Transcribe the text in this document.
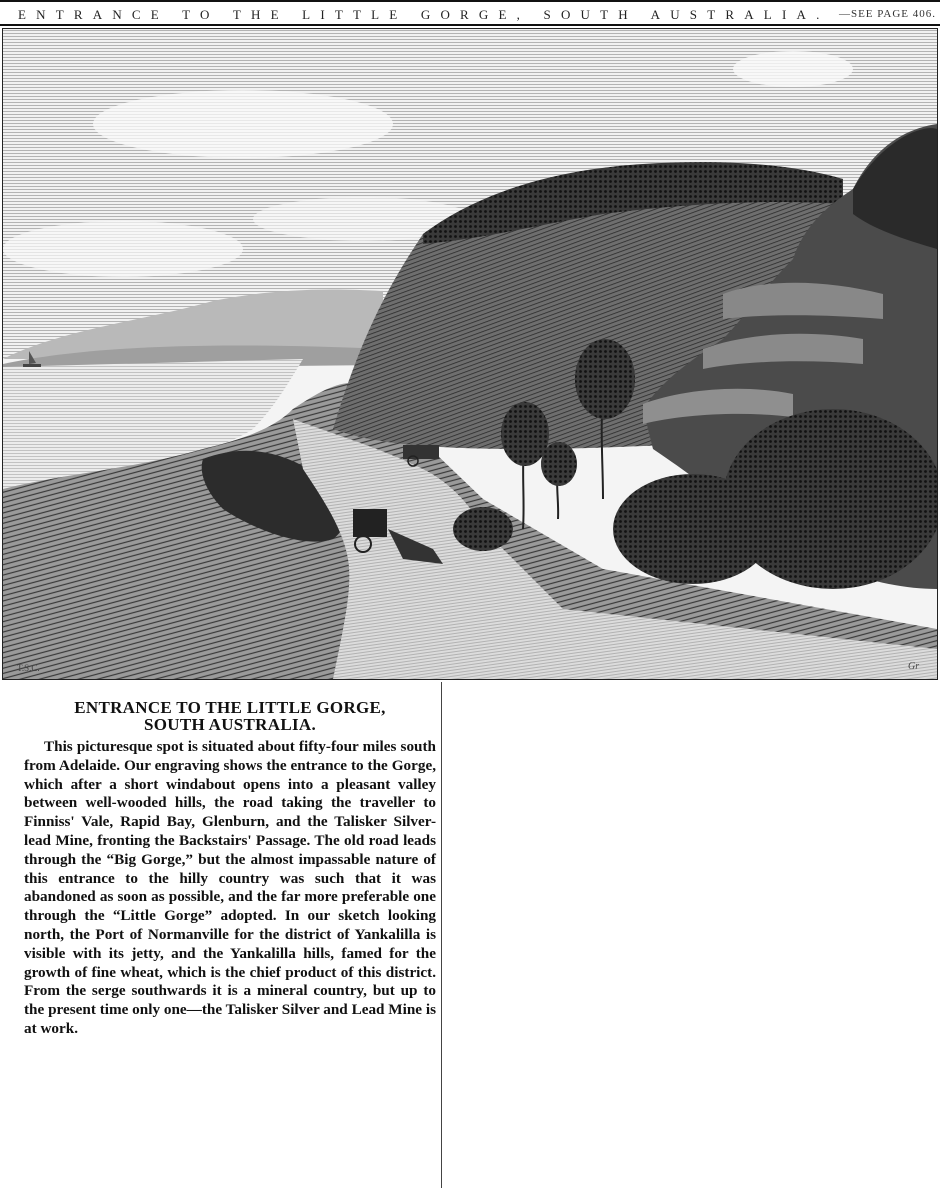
ENTRANCE TO THE LITTLE GORGE, SOUTH AUSTRALIA. —SEE PAGE 406.
T.S.C.	Gr
ENTRANCE TO THE LITTLE GORGE,
SOUTH AUSTRALIA.

This picturesque spot is situated about fifty-four miles south from Adelaide. Our engraving shows the entrance to the Gorge, which after a short windabout opens into a pleasant valley between well-wooded hills, the road taking the traveller to Finniss' Vale, Rapid Bay, Glenburn, and the Talisker Silver-lead Mine, fronting the Backstairs' Passage. The old road leads through the “Big Gorge,” but the almost impassable nature of this entrance to the hilly country was such that it was abandoned as soon as possible, and the far more preferable one through the “Little Gorge” adopted. In our sketch looking north, the Port of Normanville for the district of Yankalilla is visible with its jetty, and the Yankalilla hills, famed for the growth of fine wheat, which is the chief product of this district. From the serge southwards it is a mineral country, but up to the present time only one—the Talisker Silver and Lead Mine is at work.
